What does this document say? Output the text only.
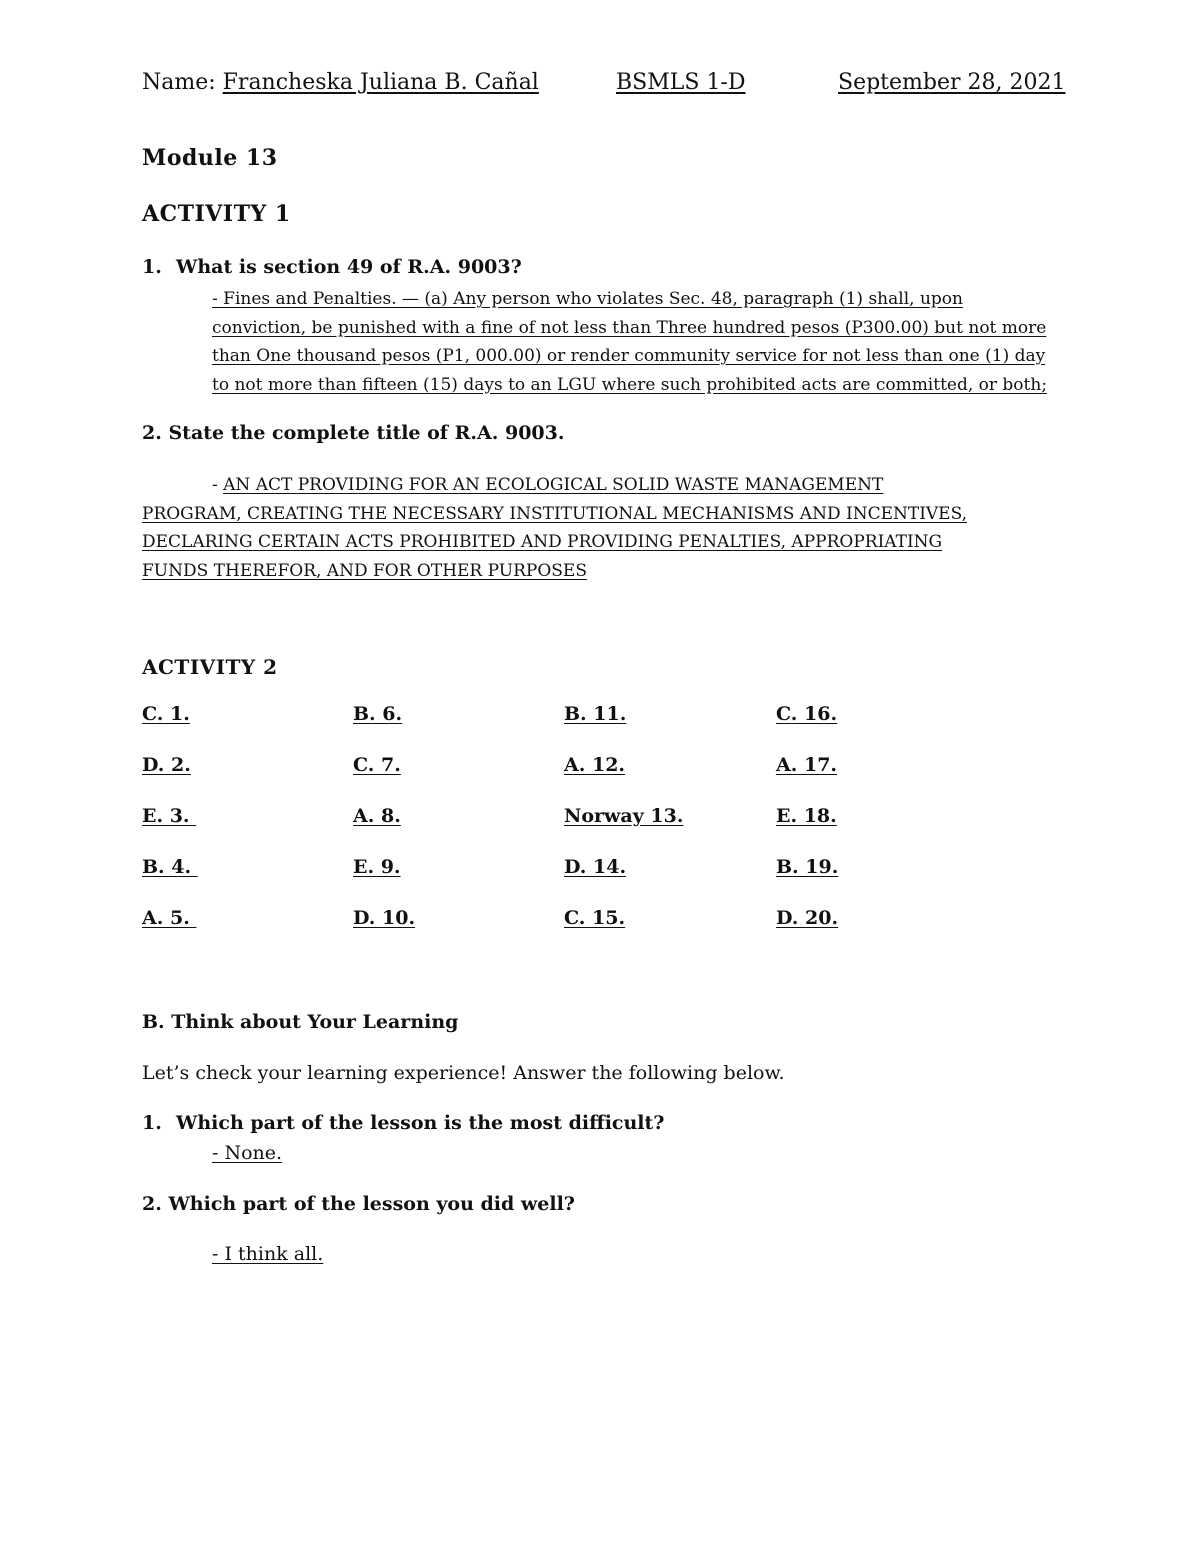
Name: Francheska Juliana B. Cañal	BSMLS 1-D	September 28, 2021
Module 13
ACTIVITY 1
1. What is section 49 of R.A. 9003?
- Fines and Penalties. — (a) Any person who violates Sec. 48, paragraph (1) shall, upon
conviction, be punished with a fine of not less than Three hundred pesos (P300.00) but not more
than One thousand pesos (P1, 000.00) or render community service for not less than one (1) day
to not more than fifteen (15) days to an LGU where such prohibited acts are committed, or both;
2. State the complete title of R.A. 9003.
- AN ACT PROVIDING FOR AN ECOLOGICAL SOLID WASTE MANAGEMENT
PROGRAM, CREATING THE NECESSARY INSTITUTIONAL MECHANISMS AND INCENTIVES,
DECLARING CERTAIN ACTS PROHIBITED AND PROVIDING PENALTIES, APPROPRIATING
FUNDS THEREFOR, AND FOR OTHER PURPOSES
ACTIVITY 2
C. 1.
D. 2.
E. 3.
B. 4.
A. 5.
B. 6.
C. 7.
A. 8.
E. 9.
D. 10.
B. 11.
A. 12.
Norway 13.
D. 14.
C. 15.
C. 16.
A. 17.
E. 18.
B. 19.
D. 20.
B. Think about Your Learning
Let’s check your learning experience! Answer the following below.
1. Which part of the lesson is the most difficult?
- None.
2. Which part of the lesson you did well?
- I think all.
